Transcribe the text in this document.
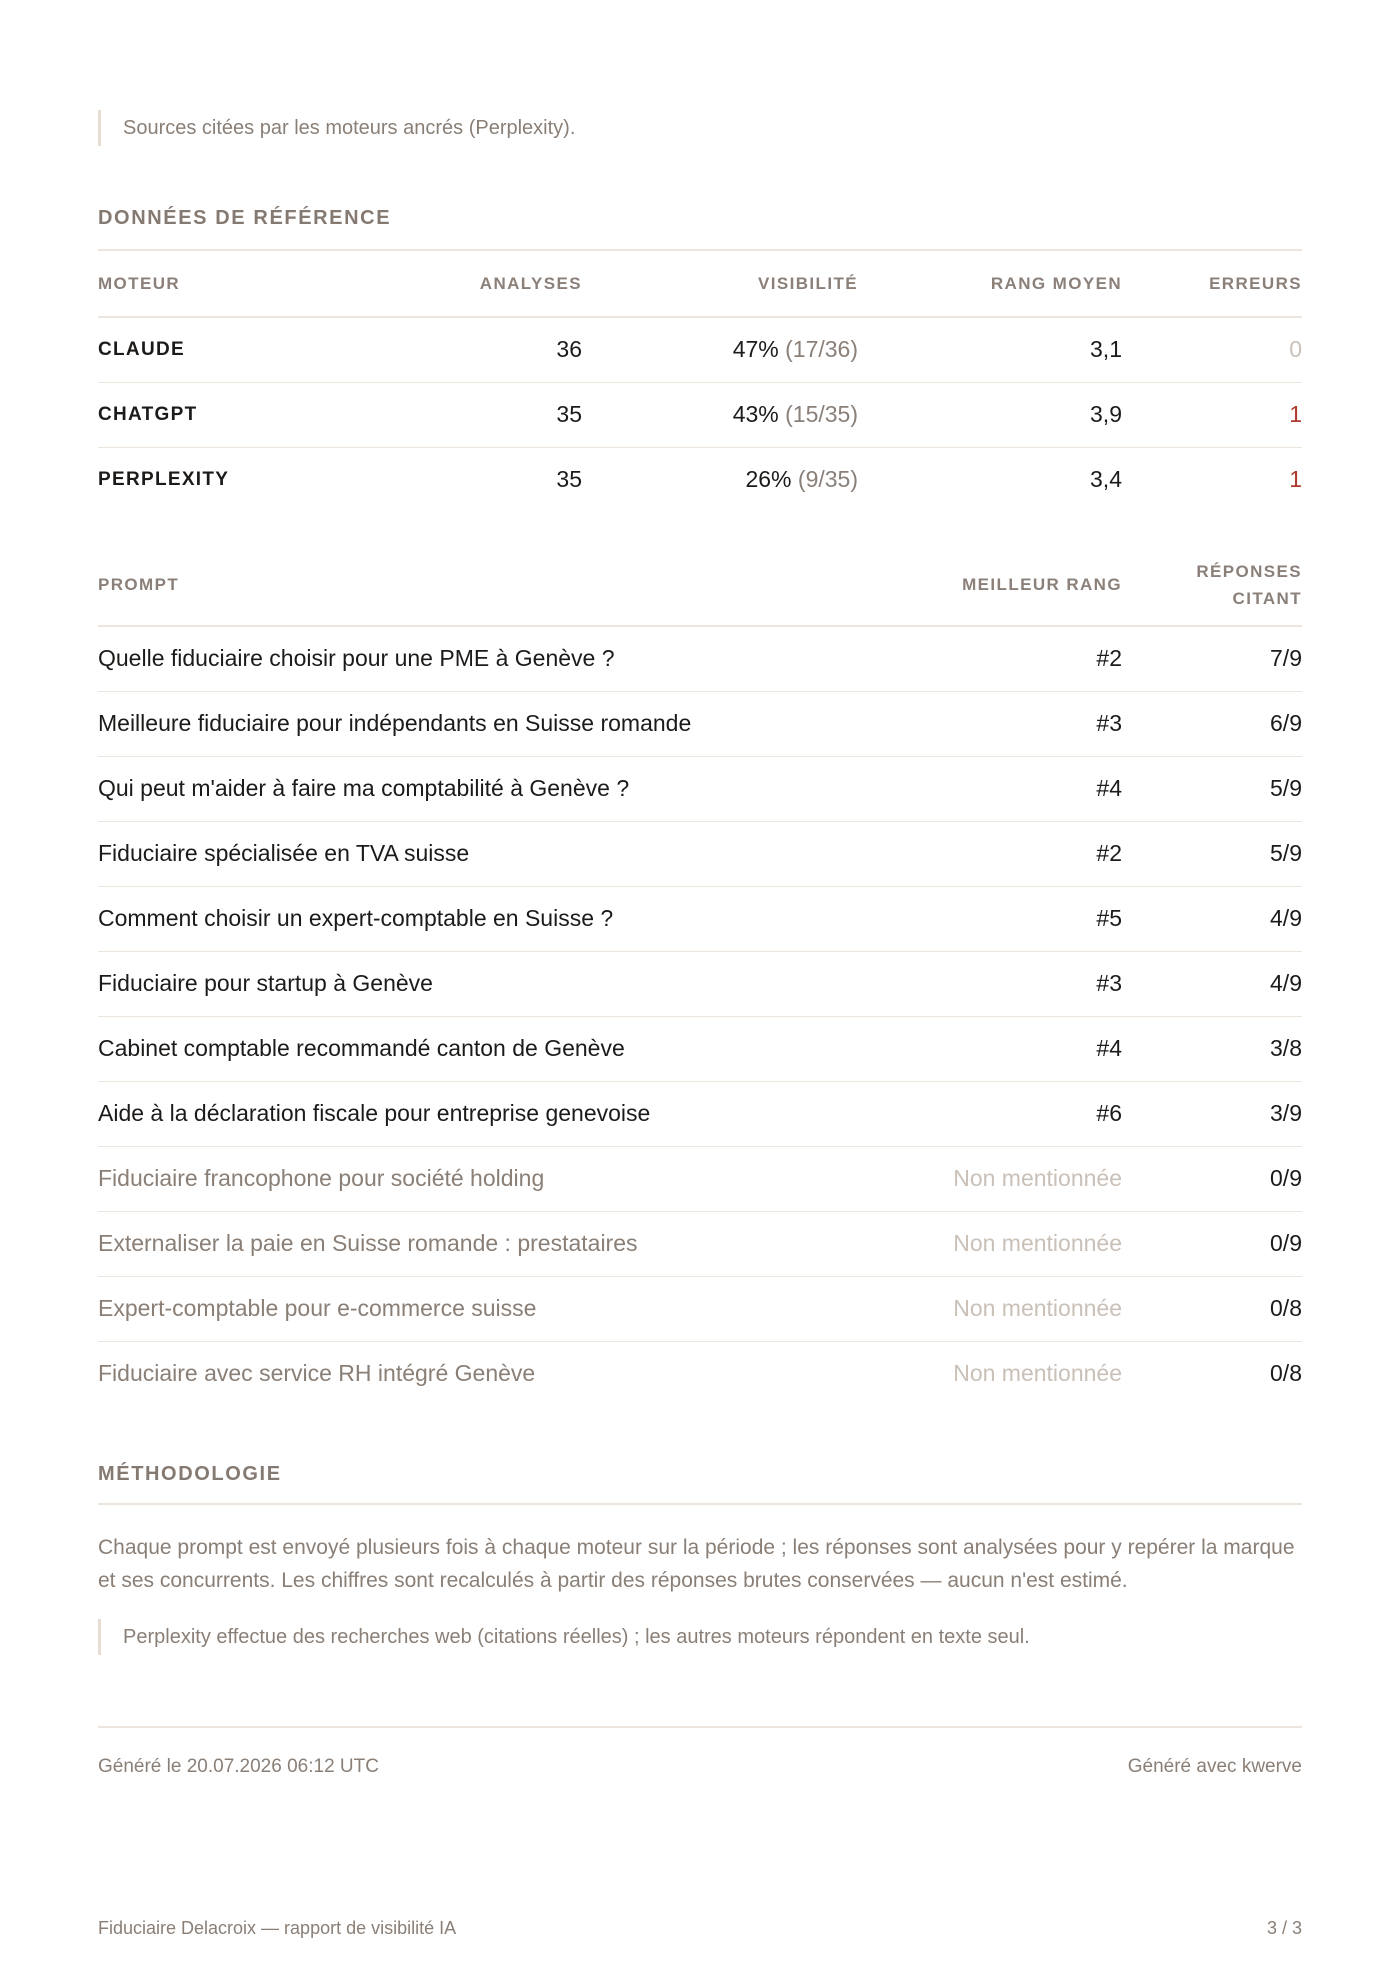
Sources citées par les moteurs ancrés (Perplexity).
DONNÉES DE RÉFÉRENCE
MOTEUR	ANALYSES	VISIBILITÉ	RANG MOYEN	ERREURS
CLAUDE	36	47% (17/36)	3,1	0
CHATGPT	35	43% (15/35)	3,9	1
PERPLEXITY	35	26% (9/35)	3,4	1
PROMPT	MEILLEUR RANG	RÉPONSES
CITANT
Quelle fiduciaire choisir pour une PME à Genève ?	#2	7/9
Meilleure fiduciaire pour indépendants en Suisse romande	#3	6/9
Qui peut m'aider à faire ma comptabilité à Genève ?	#4	5/9
Fiduciaire spécialisée en TVA suisse	#2	5/9
Comment choisir un expert-comptable en Suisse ?	#5	4/9
Fiduciaire pour startup à Genève	#3	4/9
Cabinet comptable recommandé canton de Genève	#4	3/8
Aide à la déclaration fiscale pour entreprise genevoise	#6	3/9
Fiduciaire francophone pour société holding	Non mentionnée	0/9
Externaliser la paie en Suisse romande : prestataires	Non mentionnée	0/9
Expert-comptable pour e-commerce suisse	Non mentionnée	0/8
Fiduciaire avec service RH intégré Genève	Non mentionnée	0/8
MÉTHODOLOGIE

Chaque prompt est envoyé plusieurs fois à chaque moteur sur la période ; les réponses sont analysées pour y repérer la marque et ses concurrents. Les chiffres sont recalculés à partir des réponses brutes conservées — aucun n'est estimé.

Perplexity effectue des recherches web (citations réelles) ; les autres moteurs répondent en texte seul.
Généré le 20.07.2026 06:12 UTC	Généré avec kwerve
Fiduciaire Delacroix — rapport de visibilité IA	3 / 3
